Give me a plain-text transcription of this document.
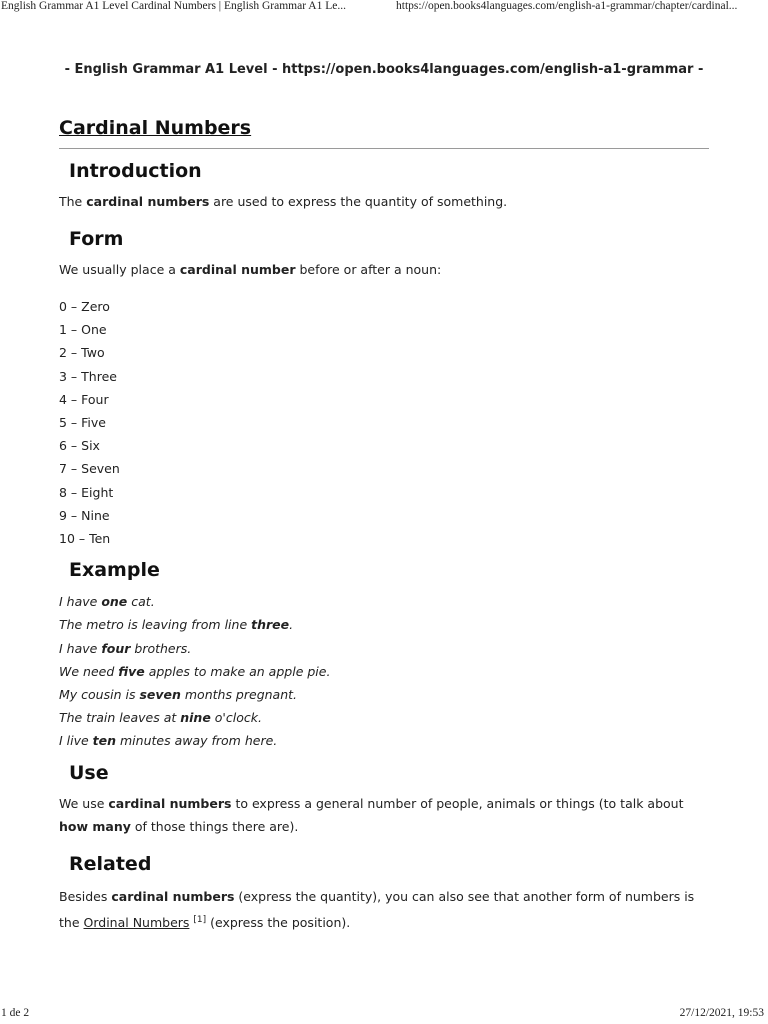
English Grammar A1 Level Cardinal Numbers | English Grammar A1 Le...	https://open.books4languages.com/english-a1-grammar/chapter/cardinal...
- English Grammar A1 Level - https://open.books4languages.com/english-a1-grammar -
Cardinal Numbers
Introduction

The cardinal numbers are used to express the quantity of something.

Form

We usually place a cardinal number before or after a noun:

0 – Zero
1 – One
2 – Two
3 – Three
4 – Four
5 – Five
6 – Six
7 – Seven
8 – Eight
9 – Nine
10 – Ten
Example
I have one cat.
The metro is leaving from line three.
I have four brothers.
We need five apples to make an apple pie.
My cousin is seven months pregnant.
The train leaves at nine o'clock.
I live ten minutes away from here.
Use

We use cardinal numbers to express a general number of people, animals or things (to talk about how many of those things there are).

Related

Besides cardinal numbers (express the quantity), you can also see that another form of numbers is the Ordinal Numbers [1] (express the position).

1 de 2	27/12/2021, 19:53
